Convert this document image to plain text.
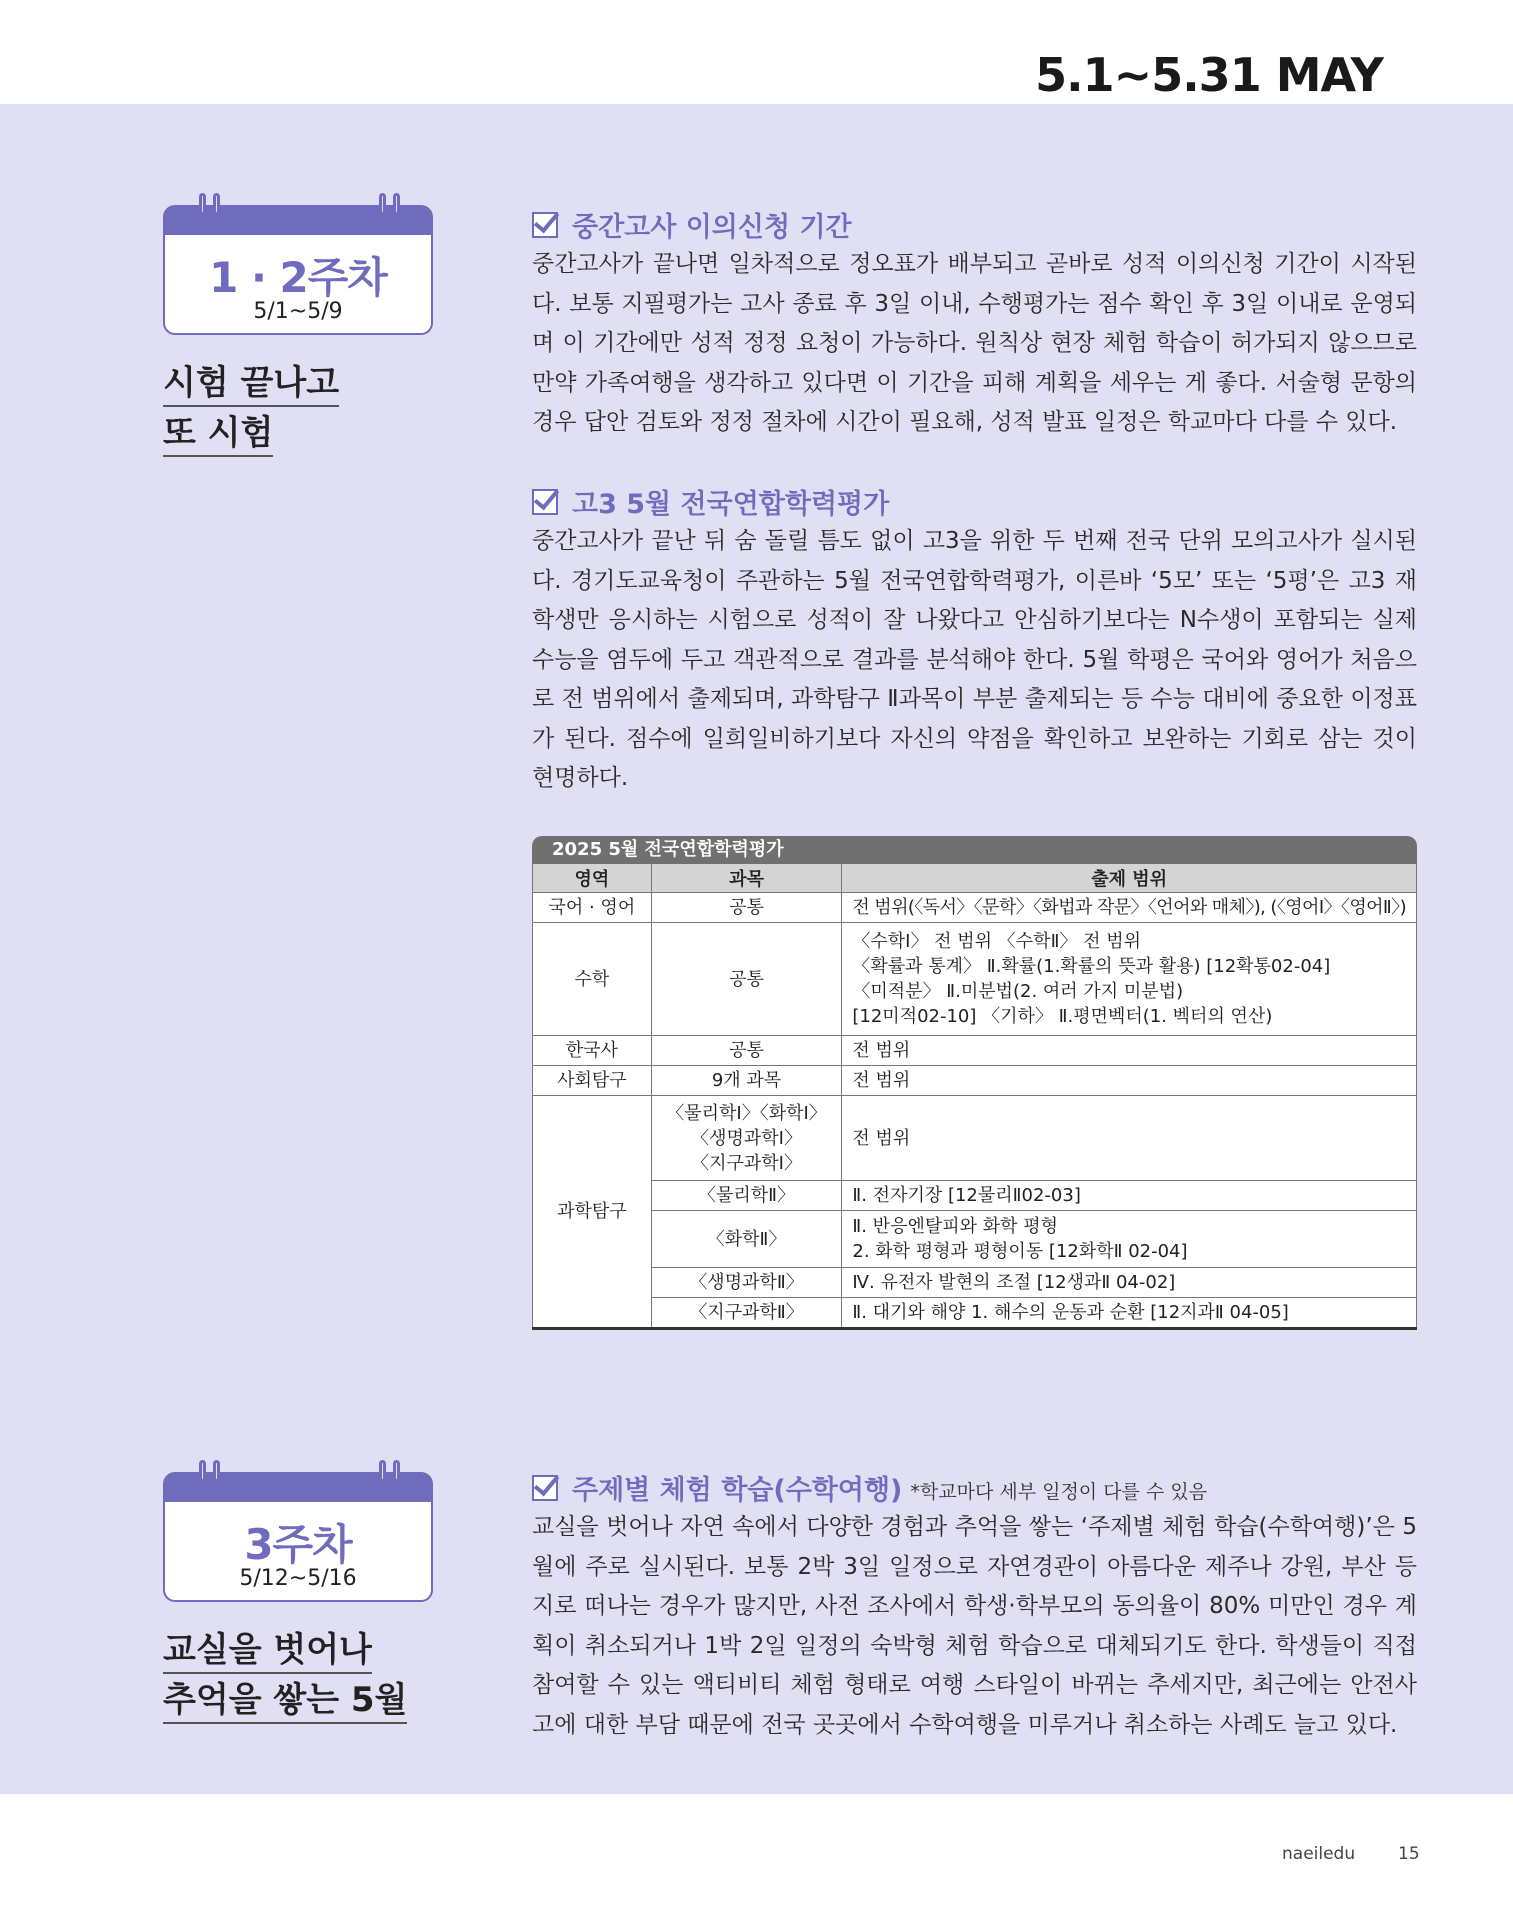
5.1~5.31 MAY
1 · 2주차
5/1~5/9
시험 끝나고
또 시험
중간고사 이의신청 기간
중간고사가 끝나면 일차적으로 정오표가 배부되고 곧바로 성적 이의신청 기간이 시작된다. 보통 지필평가는 고사 종료 후 3일 이내, 수행평가는 점수 확인 후 3일 이내로 운영되며 이 기간에만 성적 정정 요청이 가능하다. 원칙상 현장 체험 학습이 허가되지 않으므로 만약 가족여행을 생각하고 있다면 이 기간을 피해 계획을 세우는 게 좋다. 서술형 문항의 경우 답안 검토와 정정 절차에 시간이 필요해, 성적 발표 일정은 학교마다 다를 수 있다.
고3 5월 전국연합학력평가
중간고사가 끝난 뒤 숨 돌릴 틈도 없이 고3을 위한 두 번째 전국 단위 모의고사가 실시된다. 경기도교육청이 주관하는 5월 전국연합학력평가, 이른바 ‘5모’ 또는 ‘5평’은 고3 재학생만 응시하는 시험으로 성적이 잘 나왔다고 안심하기보다는 N수생이 포함되는 실제 수능을 염두에 두고 객관적으로 결과를 분석해야 한다. 5월 학평은 국어와 영어가 처음으로 전 범위에서 출제되며, 과학탐구 Ⅱ과목이 부분 출제되는 등 수능 대비에 중요한 이정표가 된다. 점수에 일희일비하기보다 자신의 약점을 확인하고 보완하는 기회로 삼는 것이 현명하다.
2025 5월 전국연합학력평가
영역	과목	출제 범위
국어 · 영어	공통	전 범위(〈독서〉〈문학〉〈화법과 작문〉〈언어와 매체〉), (〈영어Ⅰ〉〈영어Ⅱ〉)
수학	공통	〈수학Ⅰ〉 전 범위 〈수학Ⅱ〉 전 범위
〈확률과 통계〉 Ⅱ.확률(1.확률의 뜻과 활용) [12확통02-04]
〈미적분〉 Ⅱ.미분법(2. 여러 가지 미분법)
[12미적02-10] 〈기하〉 Ⅱ.평면벡터(1. 벡터의 연산)

한국사	공통	전 범위
사회탐구	9개 과목	전 범위
과학탐구	〈물리학Ⅰ〉〈화학Ⅰ〉
〈생명과학Ⅰ〉
〈지구과학Ⅰ〉	전 범위
	〈물리학Ⅱ〉	Ⅱ. 전자기장 [12물리Ⅱ02-03]
	〈화학Ⅱ〉	Ⅱ. 반응엔탈피와 화학 평형
2. 화학 평형과 평형이동 [12화학Ⅱ 02-04]

	〈생명과학Ⅱ〉	Ⅳ. 유전자 발현의 조절 [12생과Ⅱ 04-02]
	〈지구과학Ⅱ〉	Ⅱ. 대기와 해양 1. 해수의 운동과 순환 [12지과Ⅱ 04-05]
3주차
5/12~5/16
교실을 벗어나
추억을 쌓는 5월
주제별 체험 학습(수학여행) *학교마다 세부 일정이 다를 수 있음
교실을 벗어나 자연 속에서 다양한 경험과 추억을 쌓는 ‘주제별 체험 학습(수학여행)’은 5월에 주로 실시된다. 보통 2박 3일 일정으로 자연경관이 아름다운 제주나 강원, 부산 등지로 떠나는 경우가 많지만, 사전 조사에서 학생·학부모의 동의율이 80% 미만인 경우 계획이 취소되거나 1박 2일 일정의 숙박형 체험 학습으로 대체되기도 한다. 학생들이 직접 참여할 수 있는 액티비티 체험 형태로 여행 스타일이 바뀌는 추세지만, 최근에는 안전사고에 대한 부담 때문에 전국 곳곳에서 수학여행을 미루거나 취소하는 사례도 늘고 있다.
naeiledu	15
